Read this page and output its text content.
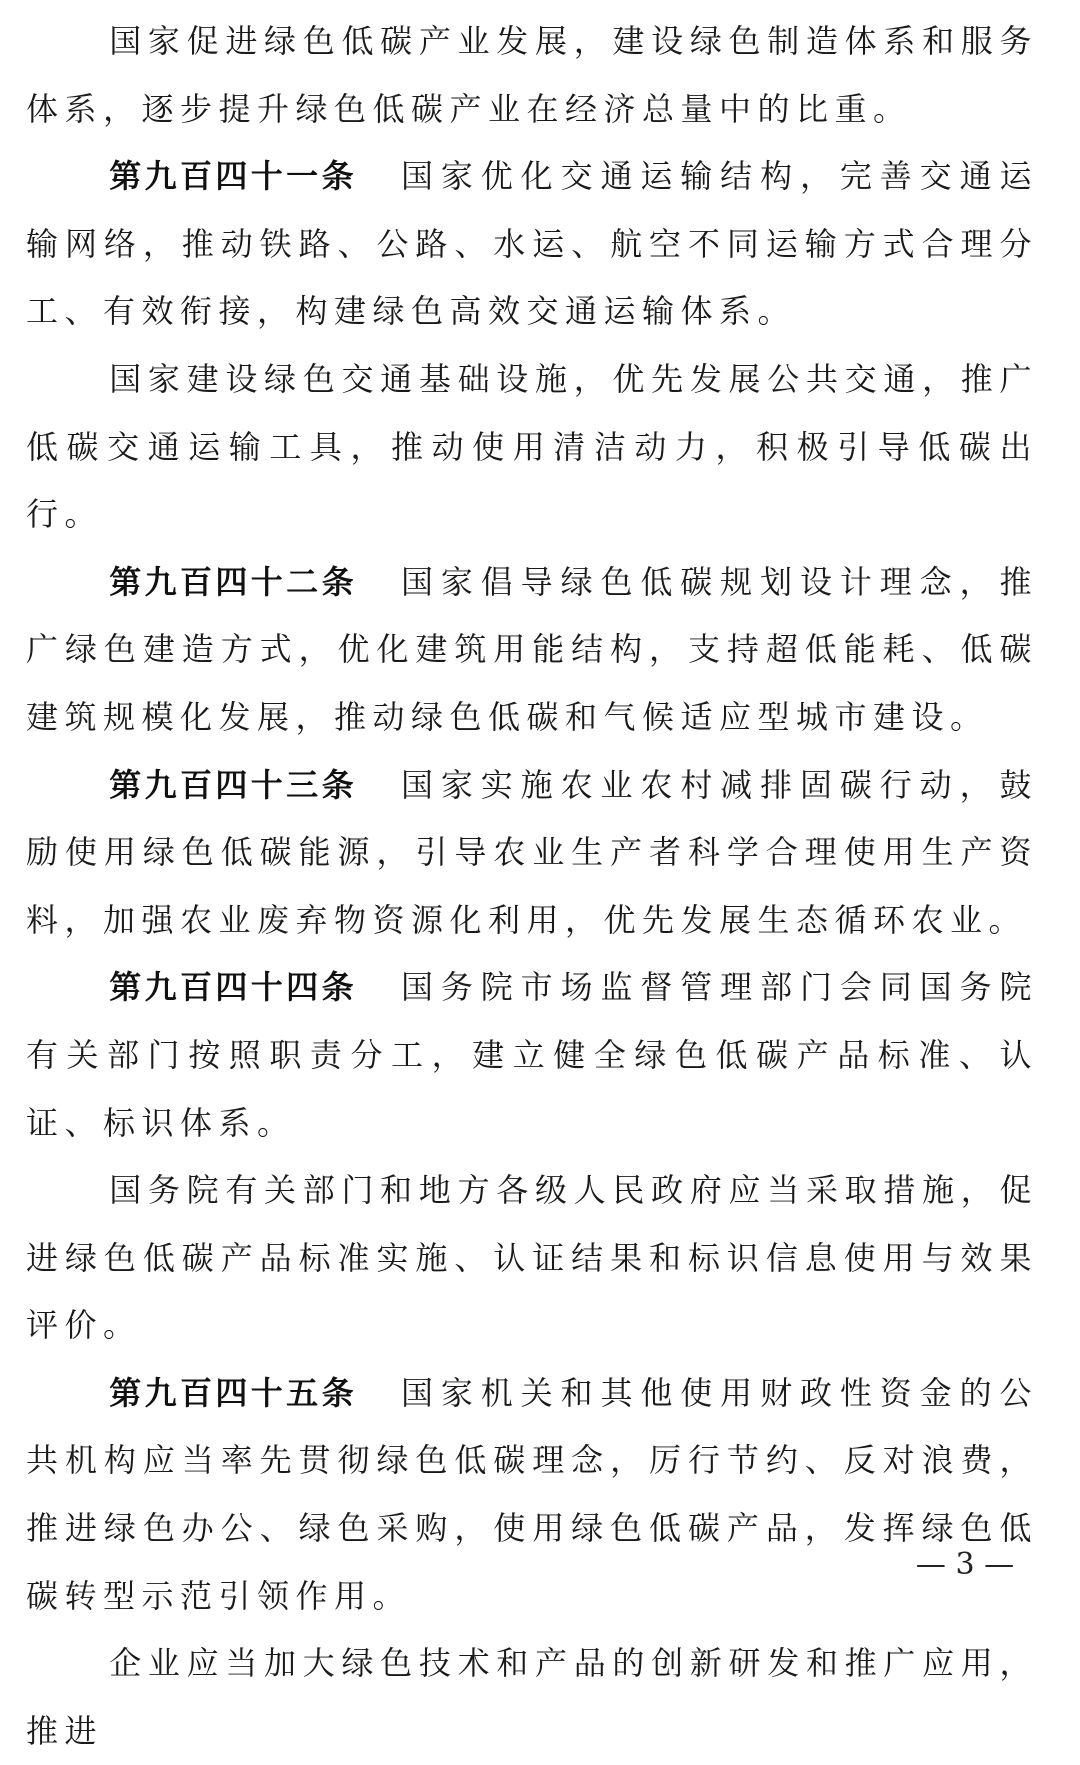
国家促进绿色低碳产业发展，建设绿色制造体系和服务体系，逐步提升绿色低碳产业在经济总量中的比重。

第九百四十一条 国家优化交通运输结构，完善交通运输网络，推动铁路、公路、水运、航空不同运输方式合理分工、有效衔接，构建绿色高效交通运输体系。

国家建设绿色交通基础设施，优先发展公共交通，推广低碳交通运输工具，推动使用清洁动力，积极引导低碳出行。

第九百四十二条 国家倡导绿色低碳规划设计理念，推广绿色建造方式，优化建筑用能结构，支持超低能耗、低碳建筑规模化发展，推动绿色低碳和气候适应型城市建设。

第九百四十三条 国家实施农业农村减排固碳行动，鼓励使用绿色低碳能源，引导农业生产者科学合理使用生产资料，加强农业废弃物资源化利用，优先发展生态循环农业。

第九百四十四条 国务院市场监督管理部门会同国务院有关部门按照职责分工，建立健全绿色低碳产品标准、认证、标识体系。

国务院有关部门和地方各级人民政府应当采取措施，促进绿色低碳产品标准实施、认证结果和标识信息使用与效果评价。

第九百四十五条 国家机关和其他使用财政性资金的公共机构应当率先贯彻绿色低碳理念，厉行节约、反对浪费，推进绿色办公、绿色采购，使用绿色低碳产品，发挥绿色低碳转型示范引领作用。

企业应当加大绿色技术和产品的创新研发和推广应用，推进

— 3 —
